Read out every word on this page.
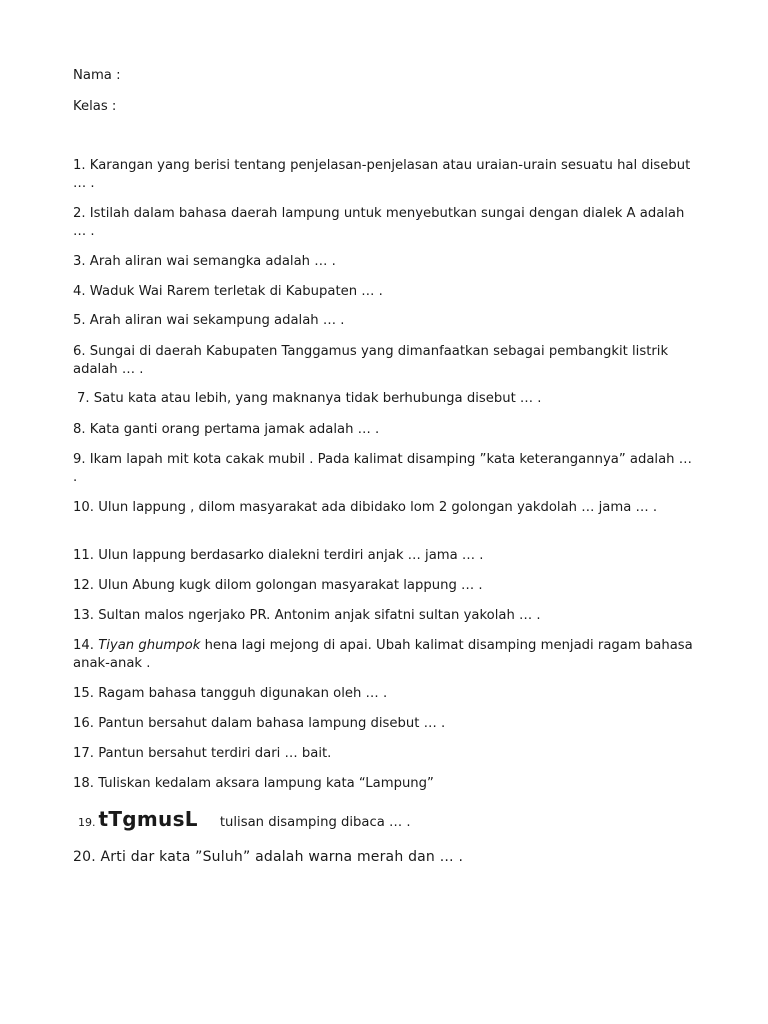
Nama :
Kelas :
1. Karangan yang berisi tentang penjelasan-penjelasan atau uraian-urain sesuatu hal disebut … .
2. Istilah dalam bahasa daerah lampung untuk menyebutkan sungai dengan dialek A adalah … .
3. Arah aliran wai semangka adalah … .
4. Waduk Wai Rarem terletak di Kabupaten … .
5. Arah aliran wai sekampung adalah … .
6. Sungai di daerah Kabupaten Tanggamus yang dimanfaatkan sebagai pembangkit listrik adalah … .
7. Satu kata atau lebih, yang maknanya tidak berhubunga disebut … .
8. Kata ganti orang pertama jamak adalah … .
9. Ikam lapah mit kota cakak mubil . Pada kalimat disamping ”kata keterangannya” adalah … .
10. Ulun lappung , dilom masyarakat ada dibidako lom 2 golongan yakdolah … jama … .
11. Ulun lappung berdasarko dialekni terdiri anjak … jama … .
12. Ulun Abung kugk dilom golongan masyarakat lappung … .
13. Sultan malos ngerjako PR. Antonim anjak sifatni sultan yakolah … .
14. Tiyan ghumpok hena lagi mejong di apai. Ubah kalimat disamping menjadi ragam bahasa anak-anak .
15. Ragam bahasa tangguh digunakan oleh … .
16. Pantun bersahut dalam bahasa lampung disebut … .
17. Pantun bersahut terdiri dari … bait.
18. Tuliskan kedalam aksara lampung kata “Lampung”
19. tTgmusL tulisan disamping dibaca … .
20. Arti dar kata ”Suluh” adalah warna merah dan … .
